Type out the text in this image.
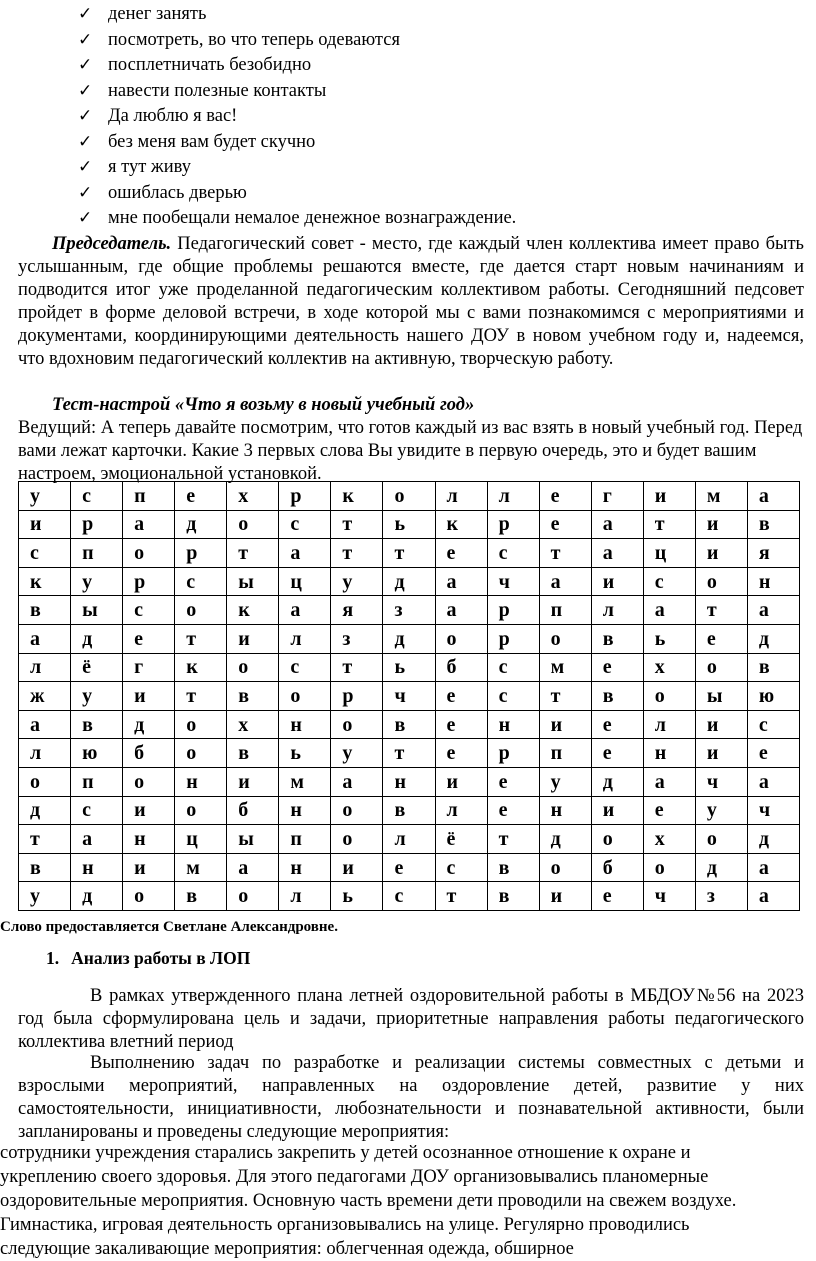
✓ денег занять
✓ посмотреть, во что теперь одеваются
✓ посплетничать безобидно
✓ навести полезные контакты
✓ Да люблю я вас!
✓ без меня вам будет скучно
✓ я тут живу
✓ ошиблась дверью
✓ мне пообещали немалое денежное вознаграждение.
Председатель. Педагогический совет - место, где каждый член коллектива имеет право быть услышанным, где общие проблемы решаются вместе, где дается старт новым начинаниям и подводится итог уже проделанной педагогическим коллективом работы. Сегодняшний педсовет пройдет в форме деловой встречи, в ходе которой мы с вами познакомимся с мероприятиями и документами, координирующими деятельность нашего ДОУ в новом учебном году и, надеемся, что вдохновим педагогический коллектив на активную, творческую работу.
Тест-настрой «Что я возьму в новый учебный год»
Ведущий: А теперь давайте посмотрим, что готов каждый из вас взять в новый учебный год. Перед вами лежат карточки. Какие 3 первых слова Вы увидите в первую очередь, это и будет вашим настроем, эмоциональной установкой.
у	с	п	е	х	р	к	о	л	л	е	г	и	м	а
и	р	а	д	о	с	т	ь	к	р	е	а	т	и	в
с	п	о	р	т	а	т	т	е	с	т	а	ц	и	я
к	у	р	с	ы	ц	у	д	а	ч	а	и	с	о	н
в	ы	с	о	к	а	я	з	а	р	п	л	а	т	а
а	д	е	т	и	л	з	д	о	р	о	в	ь	е	д
л	ё	г	к	о	с	т	ь	б	с	м	е	х	о	в
ж	у	и	т	в	о	р	ч	е	с	т	в	о	ы	ю
а	в	д	о	х	н	о	в	е	н	и	е	л	и	с
л	ю	б	о	в	ь	у	т	е	р	п	е	н	и	е
о	п	о	н	и	м	а	н	и	е	у	д	а	ч	а
д	с	и	о	б	н	о	в	л	е	н	и	е	у	ч
т	а	н	ц	ы	п	о	л	ё	т	д	о	х	о	д
в	н	и	м	а	н	и	е	с	в	о	б	о	д	а
у	д	о	в	о	л	ь	с	т	в	и	е	ч	з	а
Слово предоставляется Светлане Александровне.
1. Анализ работы в ЛОП
В рамках утвержденного плана летней оздоровительной работы в МБДОУ№56 на 2023 год была сформулирована цель и задачи, приоритетные направления работы педагогического коллектива влетний период
Выполнению задач по разработке и реализации системы совместных с детьми и взрослыми мероприятий, направленных на оздоровление детей, развитие у них самостоятельности, инициативности, любознательности и познавательной активности, были запланированы и проведены следующие мероприятия:
сотрудники учреждения старались закрепить у детей осознанное отношение к охране и
укреплению своего здоровья. Для этого педагогами ДОУ организовывались планомерные
оздоровительные мероприятия. Основную часть времени дети проводили на свежем воздухе.
Гимнастика, игровая деятельность организовывались на улице. Регулярно проводились
следующие закаливающие мероприятия: облегченная одежда, обширное
